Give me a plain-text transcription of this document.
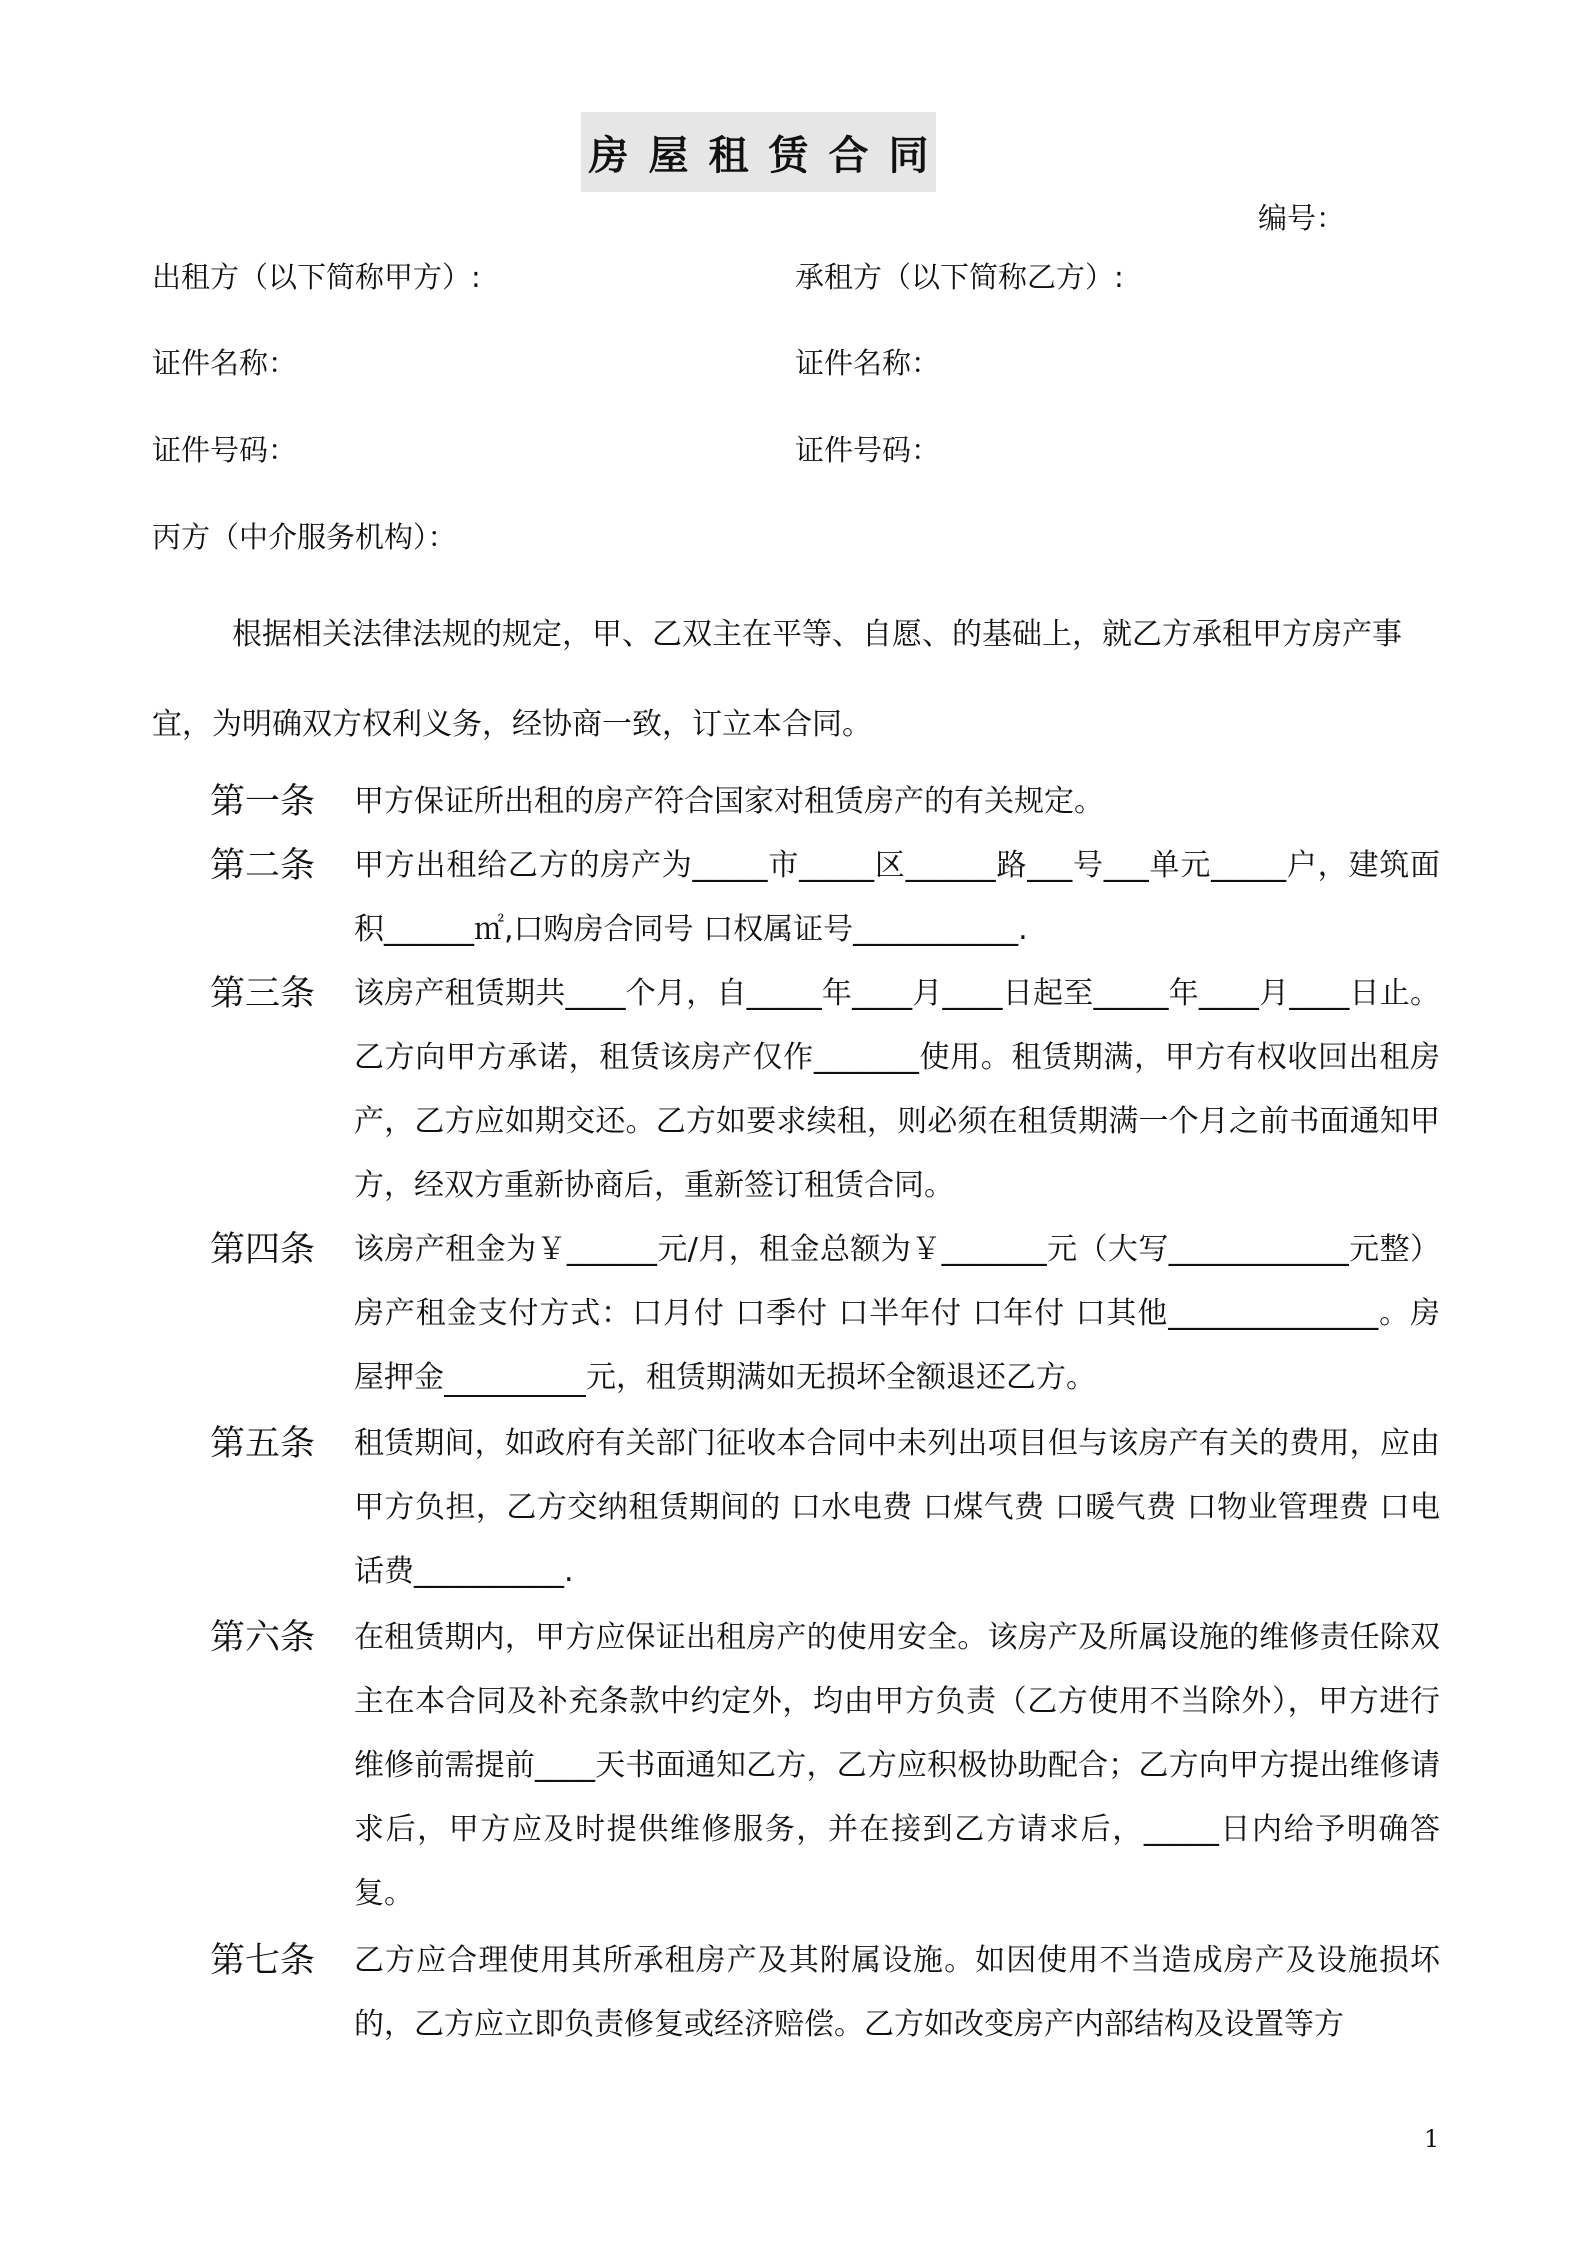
房屋租赁合同
编号：
出租方（以下简称甲方）:	承租方（以下简称乙方）:
证件名称：	证件名称：
证件号码：	证件号码：
丙方（中介服务机构）：
根据相关法律法规的规定，甲、乙双主在平等、自愿、的基础上，就乙方承租甲方房产事宜，为明确双方权利义务，经协商一致，订立本合同。
第一条 甲方保证所出租的房产符合国家对租赁房产的有关规定。
第二条 甲方出租给乙方的房产为_____市_____区______路___号___单元_____户，建筑面积______㎡,口购房合同号 口权属证号___________.
第三条 该房产租赁期共____个月，自_____年____月____日起至_____年____月____日止。乙方向甲方承诺，租赁该房产仅作_______使用。租赁期满，甲方有权收回出租房产，乙方应如期交还。乙方如要求续租，则必须在租赁期满一个月之前书面通知甲方，经双方重新协商后，重新签订租赁合同。
第四条 该房产租金为￥______元/月，租金总额为￥_______元（大写____________元整）房产租金支付方式：口月付 口季付 口半年付 口年付 口其他______________。房屋押金	元，租赁期满如无损坏全额退还乙方。
第五条 租赁期间，如政府有关部门征收本合同中未列出项目但与该房产有关的费用，应由甲方负担，乙方交纳租赁期间的 口水电费 口煤气费 口暖气费 口物业管理费 口电话费__________.
第六条 在租赁期内，甲方应保证出租房产的使用安全。该房产及所属设施的维修责任除双主在本合同及补充条款中约定外，均由甲方负责（乙方使用不当除外），甲方进行维修前需提前____天书面通知乙方，乙方应积极协助配合；乙方向甲方提出维修请求后，甲方应及时提供维修服务，并在接到乙方请求后，_____日内给予明确答复。
第七条 乙方应合理使用其所承租房产及其附属设施。如因使用不当造成房产及设施损坏的，乙方应立即负责修复或经济赔偿。乙方如改变房产内部结构及设置等方
1
